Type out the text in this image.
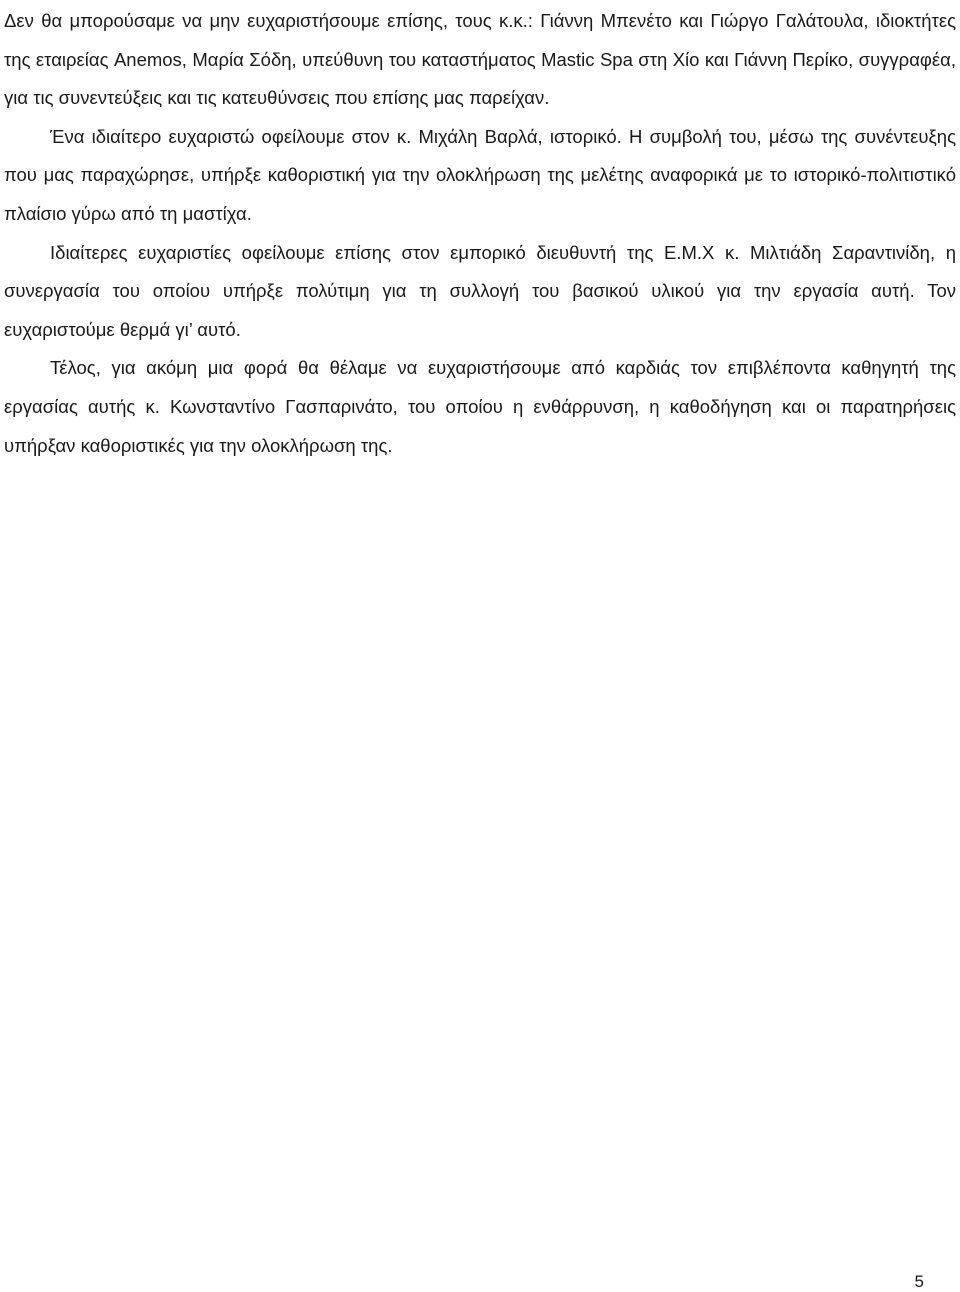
Δεν θα μπορούσαμε να μην ευχαριστήσουμε επίσης, τους κ.κ.: Γιάννη Μπενέτο και Γιώργο Γαλάτουλα, ιδιοκτήτες της εταιρείας Anemos, Μαρία Σόδη, υπεύθυνη του καταστήματος Mastic Spa στη Χίο και Γιάννη Περίκο, συγγραφέα, για τις συνεντεύξεις και τις κατευθύνσεις που επίσης μας παρείχαν.

Ένα ιδιαίτερο ευχαριστώ οφείλουμε στον κ. Μιχάλη Βαρλά, ιστορικό. Η συμβολή του, μέσω της συνέντευξης που μας παραχώρησε, υπήρξε καθοριστική για την ολοκλήρωση της μελέτης αναφορικά με το ιστορικό-πολιτιστικό πλαίσιο γύρω από τη μαστίχα.

Ιδιαίτερες ευχαριστίες οφείλουμε επίσης στον εμπορικό διευθυντή της Ε.Μ.Χ κ. Μιλτιάδη Σαραντινίδη, η συνεργασία του οποίου υπήρξε πολύτιμη για τη συλλογή του βασικού υλικού για την εργασία αυτή. Τον ευχαριστούμε θερμά γι’ αυτό.

Τέλος, για ακόμη μια φορά θα θέλαμε να ευχαριστήσουμε από καρδιάς τον επιβλέποντα καθηγητή της εργασίας αυτής κ. Κωνσταντίνο Γασπαρινάτο, του οποίου η ενθάρρυνση, η καθοδήγηση και οι παρατηρήσεις υπήρξαν καθοριστικές για την ολοκλήρωση της.

5
